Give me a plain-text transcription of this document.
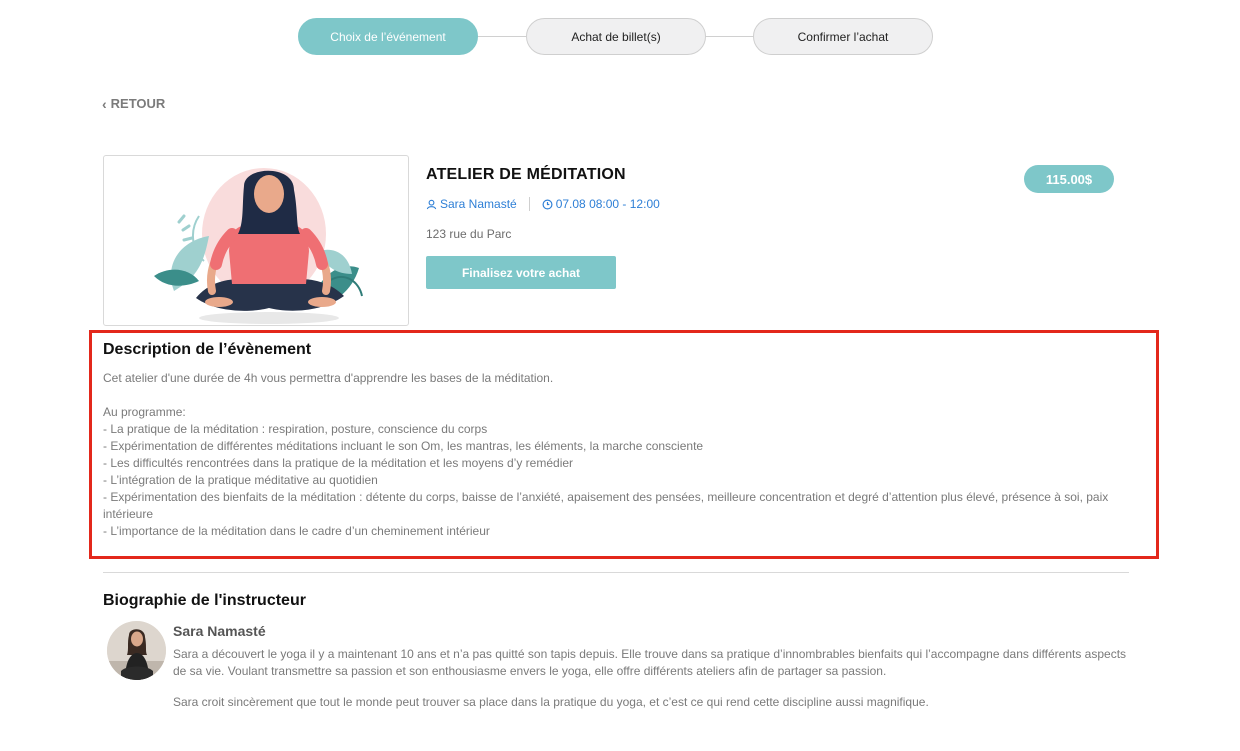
Choix de l’événement	Achat de billet(s)	Confirmer l’achat
‹ RETOUR
ATELIER DE MÉDITATION
Sara Namasté	07.08 08:00 - 12:00
123 rue du Parc
Finalisez votre achat
115.00$
Description de l’évènement

Cet atelier d'une durée de 4h vous permettra d'apprendre les bases de la méditation.

Au programme:

- La pratique de la méditation : respiration, posture, conscience du corps

- Expérimentation de différentes méditations incluant le son Om, les mantras, les éléments, la marche consciente

- Les difficultés rencontrées dans la pratique de la méditation et les moyens d’y remédier

- L’intégration de la pratique méditative au quotidien

- Expérimentation des bienfaits de la méditation : détente du corps, baisse de l’anxiété, apaisement des pensées, meilleure concentration et degré d’attention plus élevé, présence à soi, paix intérieure

- L’importance de la méditation dans le cadre d’un cheminement intérieur

Biographie de l'instructeur
Sara Namasté

Sara a découvert le yoga il y a maintenant 10 ans et n’a pas quitté son tapis depuis. Elle trouve dans sa pratique d’innombrables bienfaits qui l’accompagne dans différents aspects de sa vie. Voulant transmettre sa passion et son enthousiasme envers le yoga, elle offre différents ateliers afin de partager sa passion.

Sara croit sincèrement que tout le monde peut trouver sa place dans la pratique du yoga, et c’est ce qui rend cette discipline aussi magnifique.
